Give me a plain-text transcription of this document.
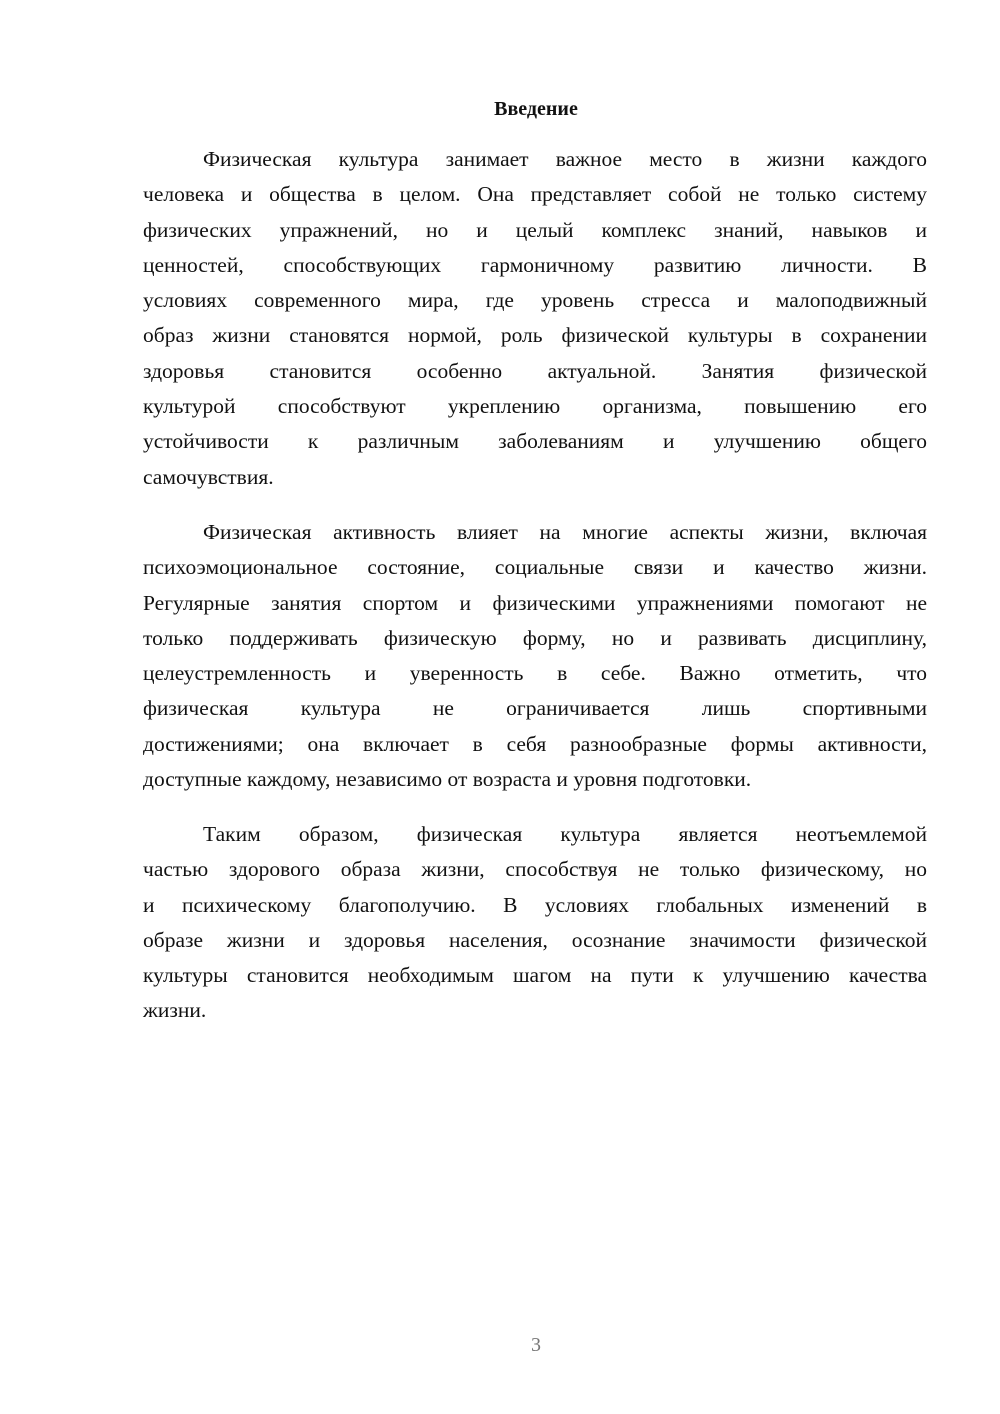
Введение
Физическая культура занимает важное место в жизни каждого
человека и общества в целом. Она представляет собой не только систему
физических упражнений, но и целый комплекс знаний, навыков и
ценностей, способствующих гармоничному развитию личности. В
условиях современного мира, где уровень стресса и малоподвижный
образ жизни становятся нормой, роль физической культуры в сохранении
здоровья становится особенно актуальной. Занятия физической
культурой способствуют укреплению организма, повышению его
устойчивости к различным заболеваниям и улучшению общего
самочувствия.
Физическая активность влияет на многие аспекты жизни, включая
психоэмоциональное состояние, социальные связи и качество жизни.
Регулярные занятия спортом и физическими упражнениями помогают не
только поддерживать физическую форму, но и развивать дисциплину,
целеустремленность и уверенность в себе. Важно отметить, что
физическая культура не ограничивается лишь спортивными
достижениями; она включает в себя разнообразные формы активности,
доступные каждому, независимо от возраста и уровня подготовки.
Таким образом, физическая культура является неотъемлемой
частью здорового образа жизни, способствуя не только физическому, но
и психическому благополучию. В условиях глобальных изменений в
образе жизни и здоровья населения, осознание значимости физической
культуры становится необходимым шагом на пути к улучшению качества
жизни.
3
